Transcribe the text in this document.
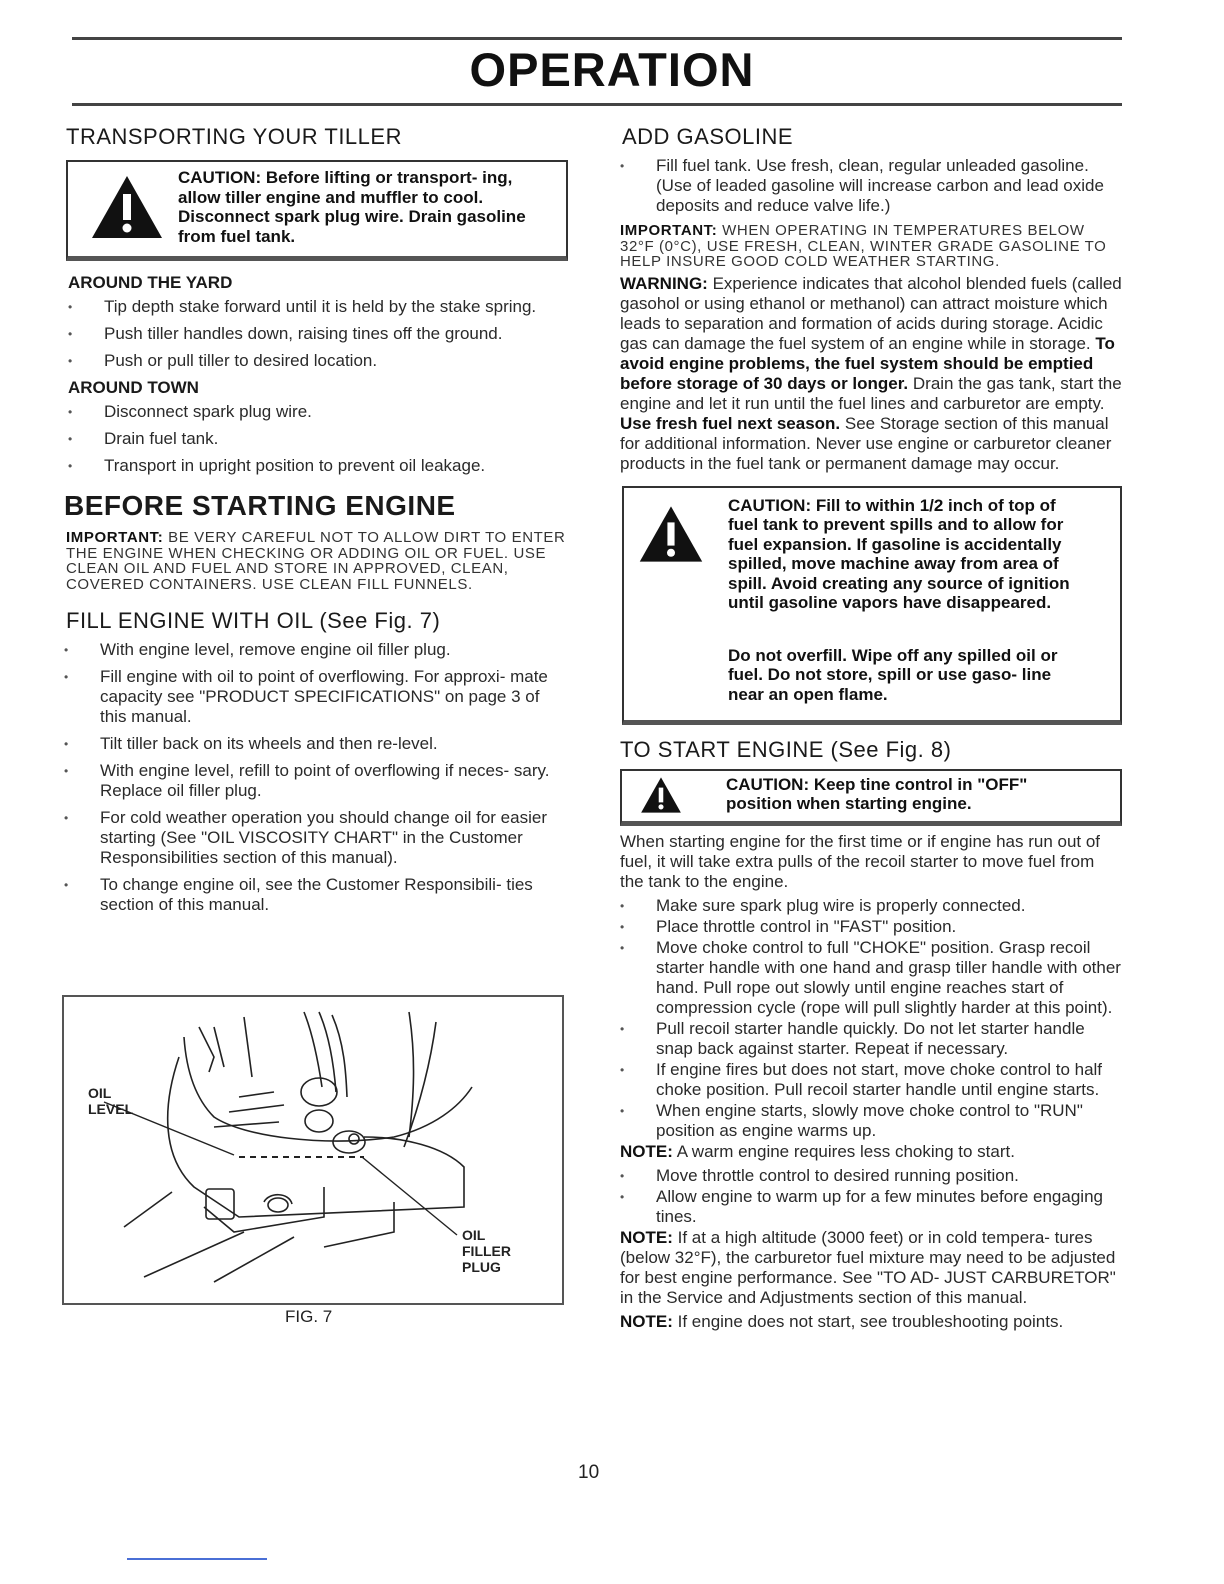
OPERATION
TRANSPORTING YOUR TILLER
CAUTION: Before lifting or transport- ing, allow tiller engine and muffler to cool. Disconnect spark plug wire. Drain gasoline from fuel tank.
AROUND THE YARD
• Tip depth stake forward until it is held by the stake spring.
• Push tiller handles down, raising tines off the ground.
• Push or pull tiller to desired location.
AROUND TOWN
• Disconnect spark plug wire.
• Drain fuel tank.
• Transport in upright position to prevent oil leakage.
BEFORE STARTING ENGINE
IMPORTANT: BE VERY CAREFUL NOT TO ALLOW DIRT TO ENTER THE ENGINE WHEN CHECKING OR ADDING OIL OR FUEL. USE CLEAN OIL AND FUEL AND STORE IN APPROVED, CLEAN, COVERED CONTAINERS. USE CLEAN FILL FUNNELS.
FILL ENGINE WITH OIL (See Fig. 7)
• With engine level, remove engine oil filler plug.
• Fill engine with oil to point of overflowing. For approxi- mate capacity see "PRODUCT SPECIFICATIONS" on page 3 of this manual.
• Tilt tiller back on its wheels and then re-level.
• With engine level, refill to point of overflowing if neces- sary. Replace oil filler plug.
• For cold weather operation you should change oil for easier starting (See "OIL VISCOSITY CHART" in the Customer Responsibilities section of this manual).
• To change engine oil, see the Customer Responsibili- ties section of this manual.
OIL
LEVEL
OIL
FILLER
PLUG
FIG. 7
ADD GASOLINE
• Fill fuel tank. Use fresh, clean, regular unleaded gasoline. (Use of leaded gasoline will increase carbon and lead oxide deposits and reduce valve life.)
IMPORTANT: WHEN OPERATING IN TEMPERATURES BELOW 32°F (0°C), USE FRESH, CLEAN, WINTER GRADE GASOLINE TO HELP INSURE GOOD COLD WEATHER STARTING.
WARNING: Experience indicates that alcohol blended fuels (called gasohol or using ethanol or methanol) can attract moisture which leads to separation and formation of acids during storage. Acidic gas can damage the fuel system of an engine while in storage. To avoid engine problems, the fuel system should be emptied before storage of 30 days or longer. Drain the gas tank, start the engine and let it run until the fuel lines and carburetor are empty. Use fresh fuel next season. See Storage section of this manual for additional information. Never use engine or carburetor cleaner products in the fuel tank or permanent damage may occur.
CAUTION: Fill to within 1/2 inch of top of fuel tank to prevent spills and to allow for fuel expansion. If gasoline is accidentally spilled, move machine away from area of spill. Avoid creating any source of ignition until gasoline vapors have disappeared.
Do not overfill. Wipe off any spilled oil or fuel. Do not store, spill or use gaso- line near an open flame.
TO START ENGINE (See Fig. 8)
CAUTION: Keep tine control in "OFF" position when starting engine.
When starting engine for the first time or if engine has run out of fuel, it will take extra pulls of the recoil starter to move fuel from the tank to the engine.
• Make sure spark plug wire is properly connected.
• Place throttle control in "FAST" position.
• Move choke control to full "CHOKE" position. Grasp recoil starter handle with one hand and grasp tiller handle with other hand. Pull rope out slowly until engine reaches start of compression cycle (rope will pull slightly harder at this point).
• Pull recoil starter handle quickly. Do not let starter handle snap back against starter. Repeat if necessary.
• If engine fires but does not start, move choke control to half choke position. Pull recoil starter handle until engine starts.
• When engine starts, slowly move choke control to "RUN" position as engine warms up.
NOTE: A warm engine requires less choking to start.
• Move throttle control to desired running position.
• Allow engine to warm up for a few minutes before engaging tines.
NOTE: If at a high altitude (3000 feet) or in cold tempera- tures (below 32°F), the carburetor fuel mixture may need to be adjusted for best engine performance. See "TO AD- JUST CARBURETOR" in the Service and Adjustments section of this manual.
NOTE: If engine does not start, see troubleshooting points.
10
